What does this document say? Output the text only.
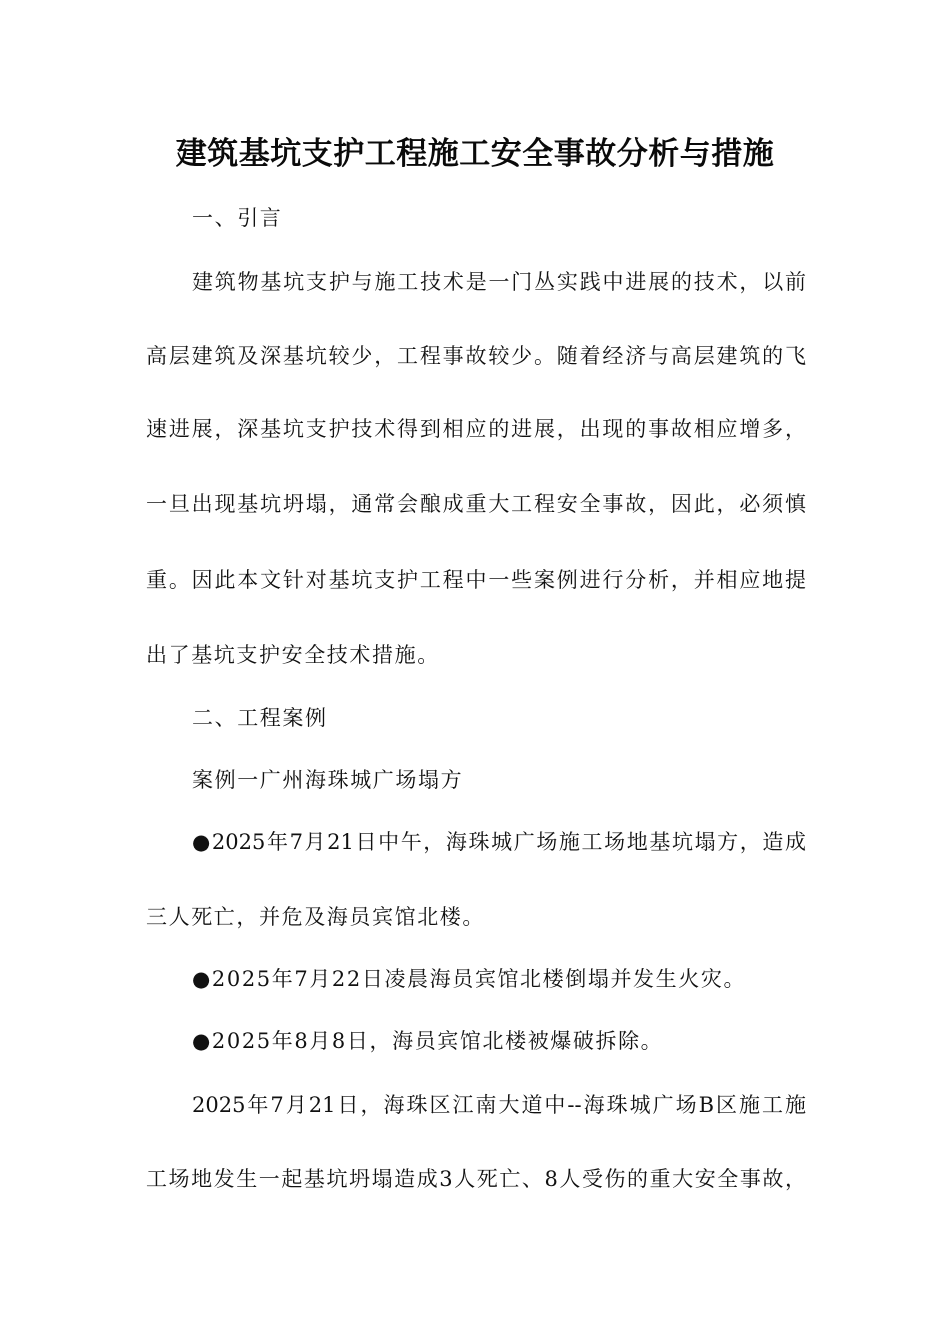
建筑基坑支护工程施工安全事故分析与措施
一、引言
建筑物基坑支护与施工技术是一门丛实践中进展的技术，以前
高层建筑及深基坑较少，工程事故较少。随着经济与高层建筑的飞
速进展，深基坑支护技术得到相应的进展，出现的事故相应增多，
一旦出现基坑坍塌，通常会酿成重大工程安全事故，因此，必须慎
重。因此本文针对基坑支护工程中一些案例进行分析，并相应地提
出了基坑支护安全技术措施。
二、工程案例
案例一广州海珠城广场塌方
●2025年7月21日中午，海珠城广场施工场地基坑塌方，造成
三人死亡，并危及海员宾馆北楼。
●2025年7月22日凌晨海员宾馆北楼倒塌并发生火灾。
●2025年8月8日，海员宾馆北楼被爆破拆除。
2025年7月21日，海珠区江南大道中--海珠城广场B区施工施
工场地发生一起基坑坍塌造成3人死亡、8人受伤的重大安全事故，
